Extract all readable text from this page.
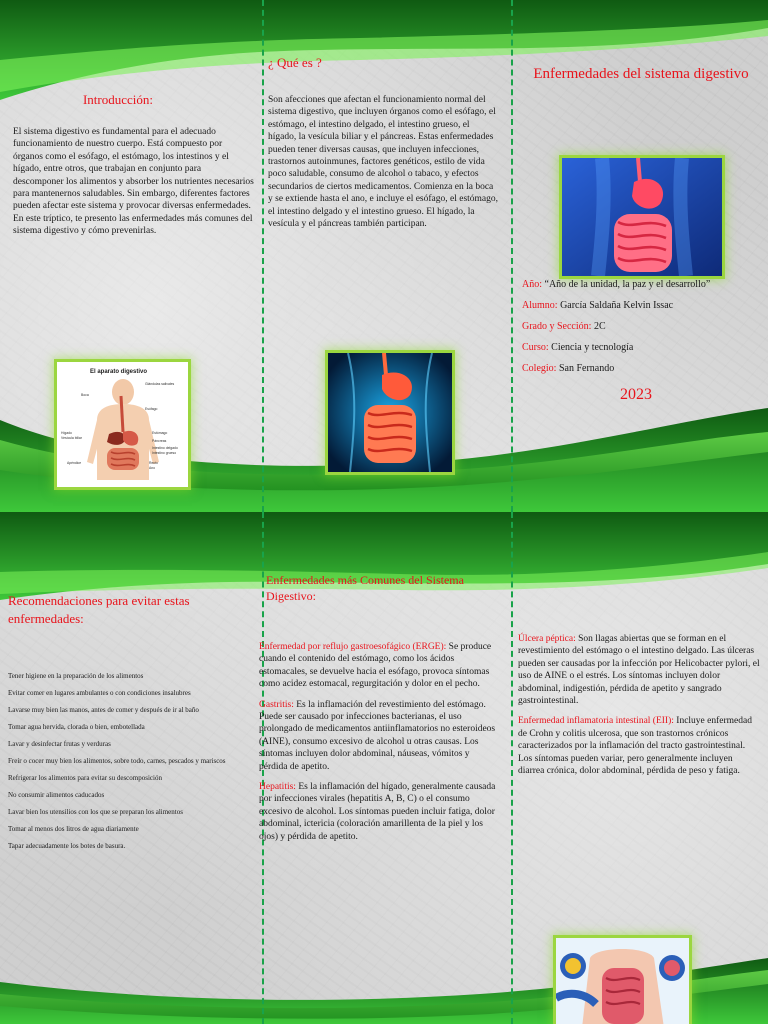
Introducción:
El sistema digestivo es fundamental para el adecuado funcionamiento de nuestro cuerpo. Está compuesto por órganos como el esófago, el estómago, los intestinos y el hígado, entre otros, que trabajan en conjunto para descomponer los alimentos y absorber los nutrientes necesarios para mantenernos saludables. Sin embargo, diferentes factores pueden afectar este sistema y provocar diversas enfermedades. En este tríptico, te presento las enfermedades más comunes del sistema digestivo y cómo prevenirlas.
El aparato digestivo
Boca
Glándulas salivales
Esófago
Hígado
Vesícula biliar
Estómago
Páncreas
Intestino delgado
Intestino grueso
Apéndice	Recto
Ano
¿ Qué es ?
Son afecciones que afectan el funcionamiento normal del sistema digestivo, que incluyen órganos como el esófago, el estómago, el intestino delgado, el intestino grueso, el hígado, la vesícula biliar y el páncreas. Estas enfermedades pueden tener diversas causas, que incluyen infecciones, trastornos autoinmunes, factores genéticos, estilo de vida poco saludable, consumo de alcohol o tabaco, y efectos secundarios de ciertos medicamentos. Comienza en la boca y se extiende hasta el ano, e incluye el esófago, el estómago, el intestino delgado y el intestino grueso. El hígado, la vesícula y el páncreas también participan.
Enfermedades del sistema digestivo
Año: “Año de la unidad, la paz y el desarrollo”
Alumno: García Saldaña Kelvin Issac
Grado y Sección: 2C
Curso: Ciencia y tecnología
Colegio: San Fernando
2023
Recomendaciones para evitar estas enfermedades:
Tener higiene en la preparación de los alimentos
Evitar comer en lugares ambulantes o con condiciones insalubres
Lavarse muy bien las manos, antes de comer y después de ir al baño
Tomar agua hervida, clorada o bien, embotellada
Lavar y desinfectar frutas y verduras
Freír o cocer muy bien los alimentos, sobre todo, carnes, pescados y mariscos
Refrigerar los alimentos para evitar su descomposición
No consumir alimentos caducados
Lavar bien los utensilios con los que se preparan los alimentos
Tomar al menos dos litros de agua diariamente
Tapar adecuadamente los botes de basura.
Enfermedades más Comunes del Sistema Digestivo:
Enfermedad por reflujo gastroesofágico (ERGE): Se produce cuando el contenido del estómago, como los ácidos estomacales, se devuelve hacia el esófago, provoca síntomas como acidez estomacal, regurgitación y dolor en el pecho.
Gastritis: Es la inflamación del revestimiento del estómago. Puede ser causado por infecciones bacterianas, el uso prolongado de medicamentos antiinflamatorios no esteroideos (AINE), consumo excesivo de alcohol u otras causas. Los síntomas incluyen dolor abdominal, náuseas, vómitos y pérdida de apetito.
Hepatitis: Es la inflamación del hígado, generalmente causada por infecciones virales (hepatitis A, B, C) o el consumo excesivo de alcohol. Los síntomas pueden incluir fatiga, dolor abdominal, ictericia (coloración amarillenta de la piel y los ojos) y pérdida de apetito.
Úlcera péptica: Son llagas abiertas que se forman en el revestimiento del estómago o el intestino delgado. Las úlceras pueden ser causadas por la infección por Helicobacter pylori, el uso de AINE o el estrés. Los síntomas incluyen dolor abdominal, indigestión, pérdida de apetito y sangrado gastrointestinal.
Enfermedad inflamatoria intestinal (EII): Incluye enfermedad de Crohn y colitis ulcerosa, que son trastornos crónicos caracterizados por la inflamación del tracto gastrointestinal. Los síntomas pueden variar, pero generalmente incluyen diarrea crónica, dolor abdominal, pérdida de peso y fatiga.
